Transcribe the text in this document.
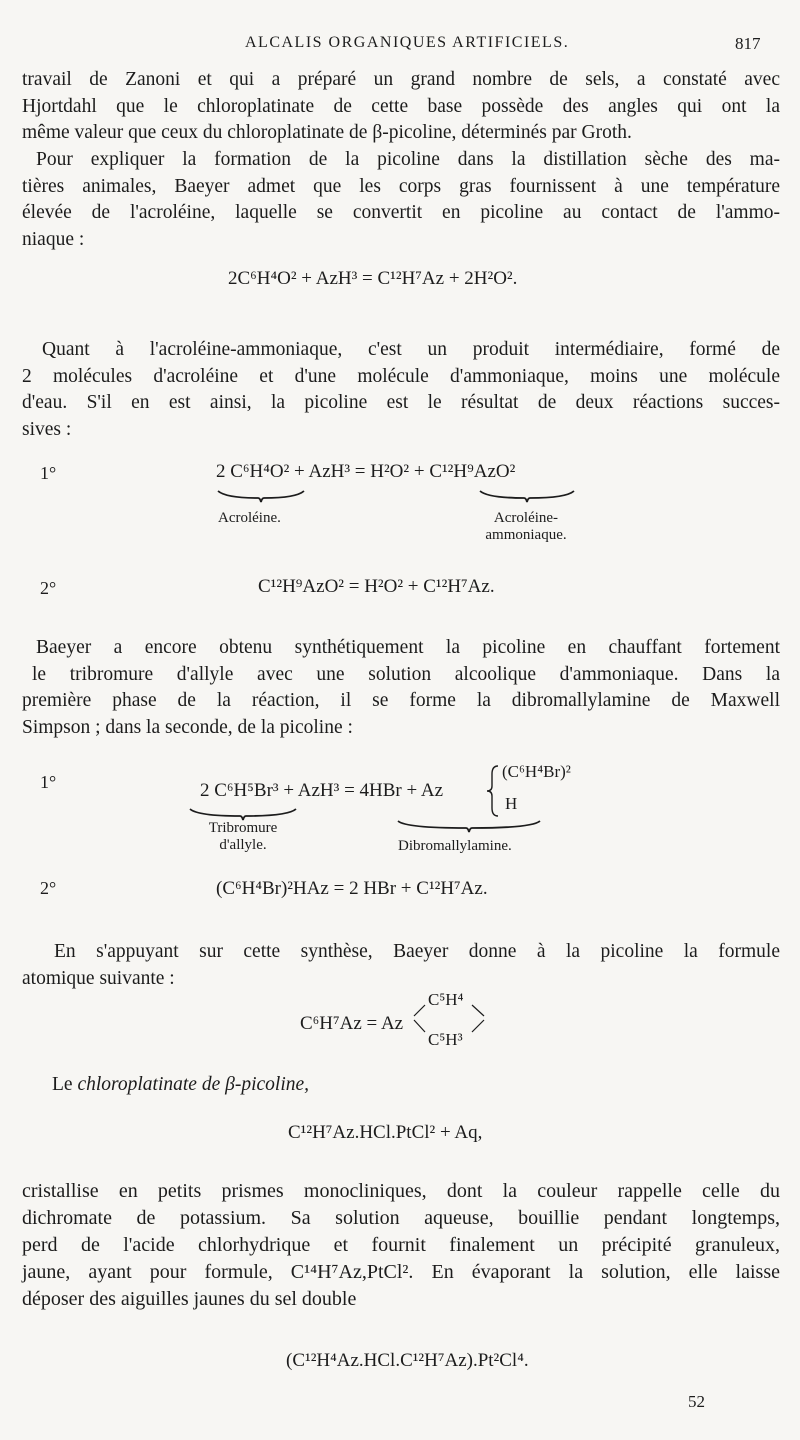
ALCALIS ORGANIQUES ARTIFICIELS.	817
travail de Zanoni et qui a préparé un grand nombre de sels, a constaté avec
Hjortdahl que le chloroplatinate de cette base possède des angles qui ont la
même valeur que ceux du chloroplatinate de β-picoline, déterminés par Groth.
Pour expliquer la formation de la picoline dans la distillation sèche des ma-
tières animales, Baeyer admet que les corps gras fournissent à une température
élevée de l'acroléine, laquelle se convertit en picoline au contact de l'ammo-
niaque :
2C⁶H⁴O² + AzH³ = C¹²H⁷Az + 2H²O².
Quant à l'acroléine-ammoniaque, c'est un produit intermédiaire, formé de
2 molécules d'acroléine et d'une molécule d'ammoniaque, moins une molécule
d'eau. S'il en est ainsi, la picoline est le résultat de deux réactions succes-
sives :
1°	2 C⁶H⁴O² + AzH³ = H²O² + C¹²H⁹AzO²
Acroléine.	Acroléine-
ammoniaque.
2°	C¹²H⁹AzO² = H²O² + C¹²H⁷Az.
Baeyer a encore obtenu synthétiquement la picoline en chauffant fortement
le tribromure d'allyle avec une solution alcoolique d'ammoniaque. Dans la
première phase de la réaction, il se forme la dibromallylamine de Maxwell
Simpson ; dans la seconde, de la picoline :
1°	2 C⁶H⁵Br³ + AzH³ = 4HBr + Az
(C⁶H⁴Br)²
H
Tribromure
d'allyle.	Dibromallylamine.
2°	(C⁶H⁴Br)²HAz = 2 HBr + C¹²H⁷Az.
En s'appuyant sur cette synthèse, Baeyer donne à la picoline la formule
atomique suivante :
C⁶H⁷Az = Az
C⁵H⁴
C⁵H³
Le chloroplatinate de β-picoline,
C¹²H⁷Az.HCl.PtCl² + Aq,
cristallise en petits prismes monocliniques, dont la couleur rappelle celle du
dichromate de potassium. Sa solution aqueuse, bouillie pendant longtemps,
perd de l'acide chlorhydrique et fournit finalement un précipité granuleux,
jaune, ayant pour formule, C¹⁴H⁷Az,PtCl². En évaporant la solution, elle laisse
déposer des aiguilles jaunes du sel double
(C¹²H⁴Az.HCl.C¹²H⁷Az).Pt²Cl⁴.
52
